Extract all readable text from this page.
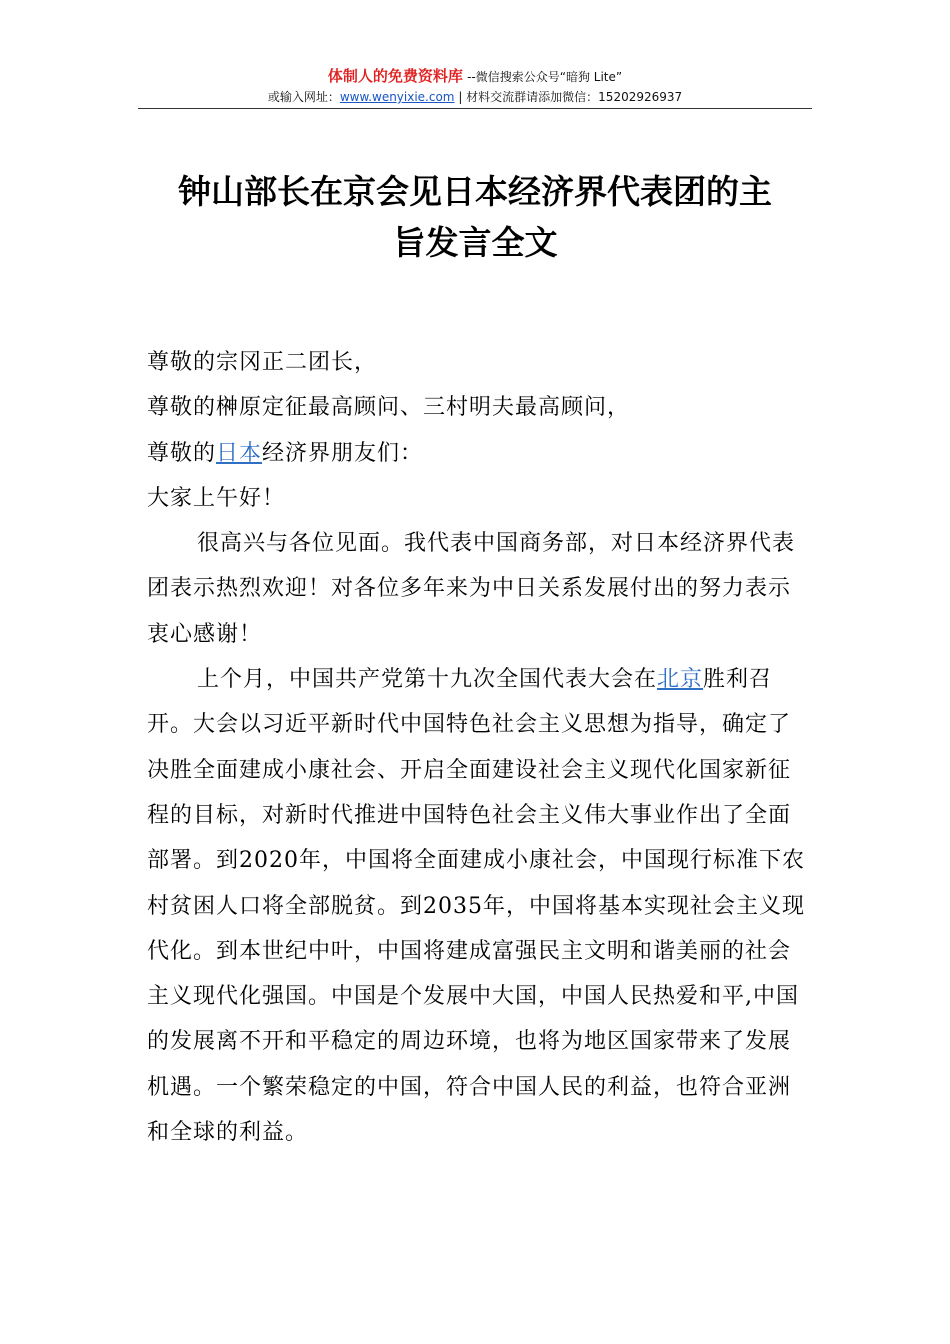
体制人的免费资料库 --微信搜索公众号“暗狗 Lite”
或输入网址：www.wenyixie.com | 材料交流群请添加微信：15202926937
钟山部长在京会见日本经济界代表团的主
旨发言全文

尊敬的宗冈正二团长，

尊敬的榊原定征最高顾问、三村明夫最高顾问，

尊敬的日本经济界朋友们：

大家上午好！

很高兴与各位见面。我代表中国商务部，对日本经济界代表团表示热烈欢迎！对各位多年来为中日关系发展付出的努力表示衷心感谢！

上个月，中国共产党第十九次全国代表大会在北京胜利召开。大会以习近平新时代中国特色社会主义思想为指导，确定了决胜全面建成小康社会、开启全面建设社会主义现代化国家新征程的目标，对新时代推进中国特色社会主义伟大事业作出了全面部署。到2020年，中国将全面建成小康社会，中国现行标准下农村贫困人口将全部脱贫。到2035年，中国将基本实现社会主义现代化。到本世纪中叶，中国将建成富强民主文明和谐美丽的社会主义现代化强国。中国是个发展中大国，中国人民热爱和平,中国的发展离不开和平稳定的周边环境，也将为地区国家带来了发展机遇。一个繁荣稳定的中国，符合中国人民的利益，也符合亚洲和全球的利益。
